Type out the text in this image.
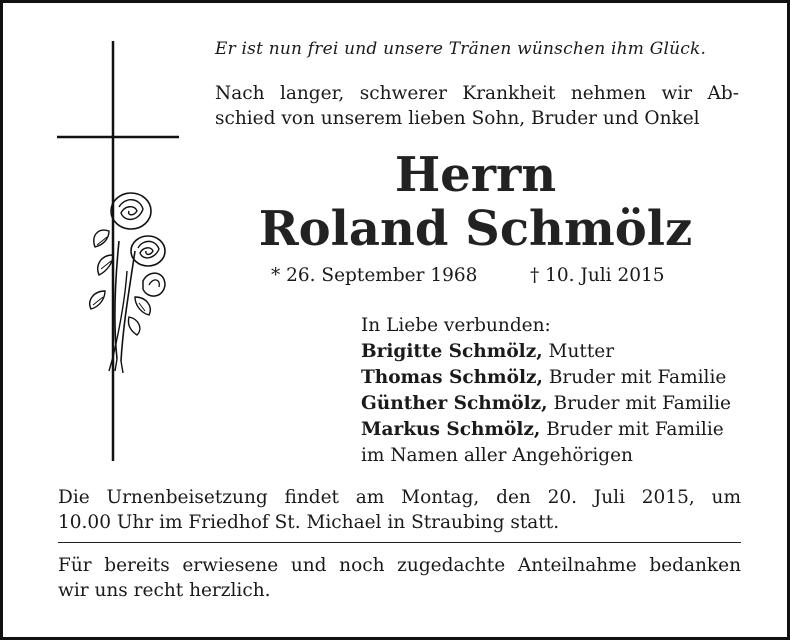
Er ist nun frei und unsere Tränen wünschen ihm Glück.
Nach langer, schwerer Krankheit nehmen wir Ab-
schied von unserem lieben Sohn, Bruder und Onkel
Herrn
Roland Schmölz
* 26. September 1968	† 10. Juli 2015
In Liebe verbunden:
Brigitte Schmölz, Mutter
Thomas Schmölz, Bruder mit Familie
Günther Schmölz, Bruder mit Familie
Markus Schmölz, Bruder mit Familie
im Namen aller Angehörigen
Die Urnenbeisetzung findet am Montag, den 20. Juli 2015, um
10.00 Uhr im Friedhof St. Michael in Straubing statt.
Für bereits erwiesene und noch zugedachte Anteilnahme bedanken
wir uns recht herzlich.
